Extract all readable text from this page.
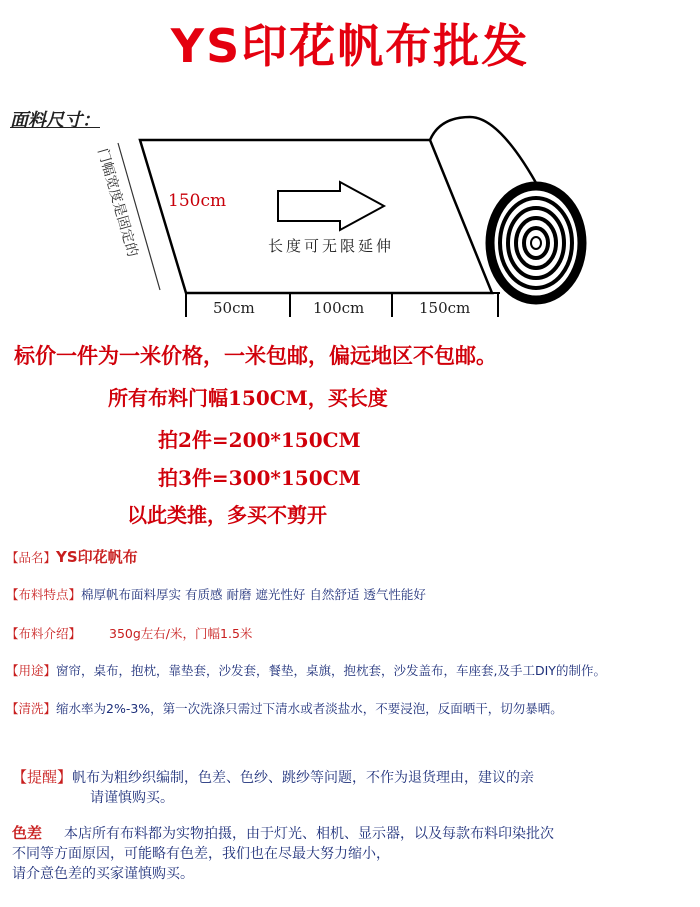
YS印花帆布批发
面料尺寸：
门幅宽度是固定的 150cm
长度可无限延伸
50cm	100cm	150cm
标价一件为一米价格，一米包邮，偏远地区不包邮。
所有布料门幅150CM，买长度
拍2件=200*150CM
拍3件=300*150CM
以此类推，多买不剪开
【品名】YS印花帆布
【布料特点】棉厚帆布面料厚实 有质感 耐磨 遮光性好 自然舒适 透气性能好
【布料介绍】 350g左右/米，门幅1.5米
【用途】窗帘，桌布，抱枕，靠垫套，沙发套，餐垫，桌旗，抱枕套，沙发盖布，车座套,及手工DIY的制作。
【清洗】缩水率为2%-3%，第一次洗涤只需过下清水或者淡盐水，不要浸泡，反面晒干，切勿暴晒。
【提醒】帆布为粗纱织编制，色差、色纱、跳纱等问题，不作为退货理由，建议的亲
请谨慎购买。
色差 本店所有布料都为实物拍摄，由于灯光、相机、显示器，以及每款布料印染批次
不同等方面原因，可能略有色差，我们也在尽最大努力缩小，
请介意色差的买家谨慎购买。
